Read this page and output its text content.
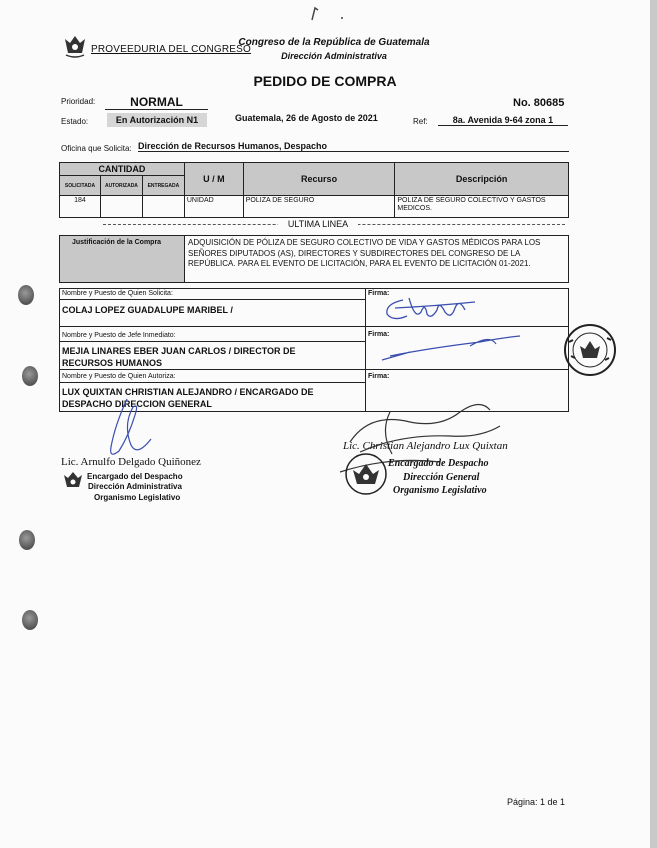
PROVEEDURIA DEL CONGRESO
Congreso de la República de Guatemala
Dirección Administrativa
PEDIDO DE COMPRA
Prioridad:	NORMAL	No. 80685
Estado:	En Autorización N1	Guatemala, 26 de Agosto de 2021	Ref:	8a. Avenida 9-64 zona 1
Oficina que Solicita: Dirección de Recursos Humanos, Despacho
CANTIDAD			U / M	Recurso	Descripción
SOLICITADA	AUTORIZADA	ENTREGADA			
184			UNIDAD	POLIZA DE SEGURO	POLIZA DE SEGURO COLECTIVO Y GASTOS MEDICOS.
ULTIMA LINEA
Justificación de la Compra	ADQUISICIÓN DE PÓLIZA DE SEGURO COLECTIVO DE VIDA Y GASTOS MÉDICOS PARA LOS SEÑORES DIPUTADOS (AS), DIRECTORES Y SUBDIRECTORES DEL CONGRESO DE LA REPÚBLICA. PARA EL EVENTO DE LICITACIÓN, PARA EL EVENTO DE LICITACIÓN 01-2021.
Nombre y Puesto de Quien Solicita:
COLAJ LOPEZ GUADALUPE MARIBEL /
Firma:
Nombre y Puesto de Jefe Inmediato:
MEJIA LINARES EBER JUAN CARLOS / DIRECTOR DE RECURSOS HUMANOS
Firma:
Nombre y Puesto de Quien Autoriza:
LUX QUIXTAN CHRISTIAN ALEJANDRO / ENCARGADO DE DESPACHO DIRECCION GENERAL
Firma:
Lic. Arnulfo Delgado Quiñonez
Encargado del Despacho
Dirección Administrativa
Organismo Legislativo
Lic. Christian Alejandro Lux Quixtan
Encargado de Despacho
Dirección General
Organismo Legislativo
Página: 1 de 1
